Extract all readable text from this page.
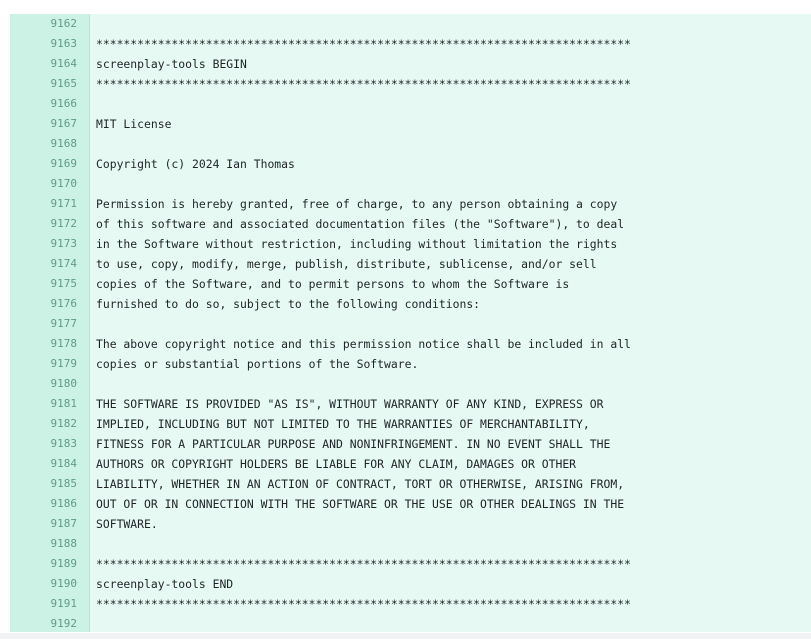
9162
9163 ******************************************************************************
9164 screenplay-tools BEGIN
9165 ******************************************************************************
9166
9167 MIT License
9168
9169 Copyright (c) 2024 Ian Thomas
9170
9171 Permission is hereby granted, free of charge, to any person obtaining a copy
9172 of this software and associated documentation files (the "Software"), to deal
9173 in the Software without restriction, including without limitation the rights
9174 to use, copy, modify, merge, publish, distribute, sublicense, and/or sell
9175 copies of the Software, and to permit persons to whom the Software is
9176 furnished to do so, subject to the following conditions:
9177
9178 The above copyright notice and this permission notice shall be included in all
9179 copies or substantial portions of the Software.
9180
9181 THE SOFTWARE IS PROVIDED "AS IS", WITHOUT WARRANTY OF ANY KIND, EXPRESS OR
9182 IMPLIED, INCLUDING BUT NOT LIMITED TO THE WARRANTIES OF MERCHANTABILITY,
9183 FITNESS FOR A PARTICULAR PURPOSE AND NONINFRINGEMENT. IN NO EVENT SHALL THE
9184 AUTHORS OR COPYRIGHT HOLDERS BE LIABLE FOR ANY CLAIM, DAMAGES OR OTHER
9185 LIABILITY, WHETHER IN AN ACTION OF CONTRACT, TORT OR OTHERWISE, ARISING FROM,
9186 OUT OF OR IN CONNECTION WITH THE SOFTWARE OR THE USE OR OTHER DEALINGS IN THE
9187 SOFTWARE.
9188
9189 ******************************************************************************
9190 screenplay-tools END
9191 ******************************************************************************
9192
